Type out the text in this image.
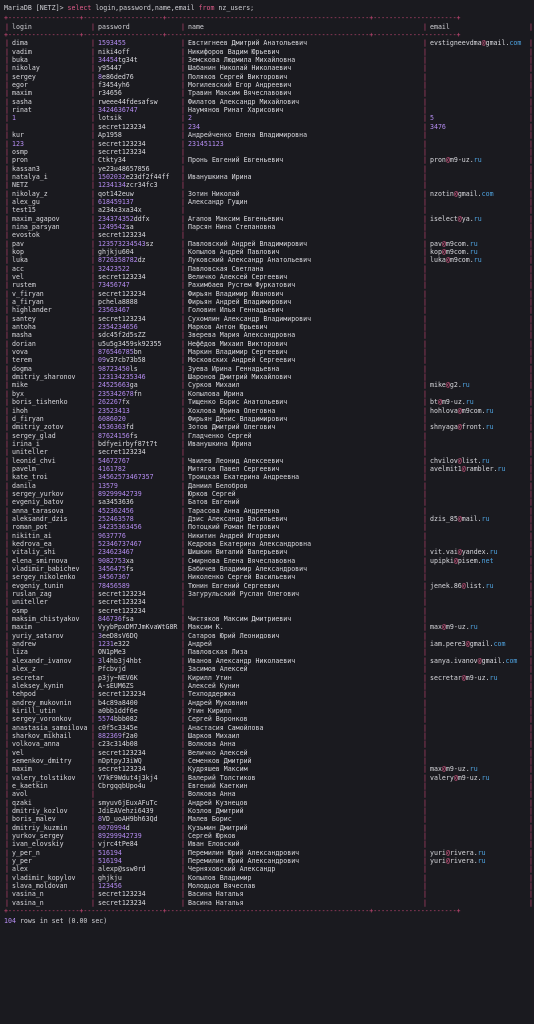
MariaDB [NETZ]> select login,password,name,email from nz_users;
+------------------+--------------------+---------------------------------------------------+---------------------+
| login	| password	| name	| email	|
+------------------+--------------------+---------------------------------------------------+---------------------+
| dima	| 1593455	| Евстигнеев Дмитрий Анатольевич	| evstigneevdma@gmail.com	|
| vadim	| niki4off	| Никифоров Вадим Юрьевич	|	|
| buka	| 34454tg34t	| Земскова Людмила Михайловна	|	|
| nikolay	| y95447	| Шабанин Николай Николаевич	|	|
| sergey	| 8e86ded76	| Поляков Сергей Викторович	|	|
| egor	| f3454yh6	| Могилевский Егор Андреевич	|	|
| maxim	| r34656	| Травин Максим Вячеславович	|	|
| sasha	| rweee44fdesafsw	| Филатов Александр Михайлович	|	|
| rinat	| 3424636747	| Наумянов Ринат Харисович	|	|
| 1	| lotsik	| 2	| 5	|
|	| secret123234	| 234	| 3476	|
| kur	| Ap1958	| Андрейченко Елена Владимировна	|	|
| 123	| secret123234	| 231451123	|	|
| osmp	| secret123234	|	|	|
| pron	| Ctkty34	| Пронь Евгений Евгеньевич	| pron@m9-uz.ru	|
| kassan3	| ye23u48657856	|	|	|
| natalya_i	| 1502032e23df2f44ff	| Иванушкина Ирина	|	|
| NETZ	| 1234134zcr34fc3	|	|	|
| nikolay_z	| qot142euw	| Зотин Николай	| nzotin@gmail.com	|
| alex_gu	| 618459137	| Александр Гущин	|	|
| test15	| a234x3xa34x	|	|	|
| maxim_agapov	| 234374352ddfx	| Агапов Максим Евгеньевич	| iselect@ya.ru	|
| nina_parsyan	| 1249542sa	| Парсян Нина Степановна	|	|
| evostok	| secret123234	|	|	|
| pav	| 123573234543sz	| Павловский Андрей Владимирович	| pav@m9com.ru	|
| kop	| ghjkju604	| Копылов Андрей Павлович	| kop@m9com.ru	|
| luka	| 8726358782dz	| Луковский Александр Анатольевич	| luka@m9com.ru	|
| acc	| 32423522	| Павловская Светлана	|	|
| vel	| secret123234	| Величко Алексей Сергеевич	|	|
| rustem	| 73456747	| Рахимбаев Рустем Фуркатович	|	|
| v_firyan	| secret123234	| Фирьян Владимир Иванович	|	|
| a_firyan	| pchela8888	| Фирьян Андрей Владимирович	|	|
| highlander	| 23563467	| Головин Илья Геннадьевич	|	|
| santey	| secret123234	| Сухомлин Александр Владимирович	|	|
| antoha	| 2354234656	| Марков Антон Юрьевич	|	|
| masha	| sdc45f2d5sZZ	| Зверева Мария Александровна	|	|
| dorian	| u5u5g3459sk92355	| Нефёдов Михаил Викторович	|	|
| vova	| 876546785bn	| Маркин Владимир Сергеевич	|	|
| terem	| 09v37cb73b58	| Московских Андрей Сергеевич	|	|
| dogma	| 98723450ls	| Зуева Ирина Геннадьевна	|	|
| dmitriy_sharonov	| 123134235346	| Шаронов Дмитрий Михайлович	|	|
| mike	| 24525663ga	| Сурков Михаил	| mike@g2.ru	|
| byx	| 235342678fn	| Копылова Ирина	|	|
| boris_tishenko	| 262267fx	| Тищенко Борис Анатольевич	| bt@m9-uz.ru	|
| ihoh	| 23523413	| Хохлова Ирина Олеговна	| hohlova@m9com.ru	|
| d_firyan	| 6086020	| Фирьян Денис Владимирович	|	|
| dmitriy_zotov	| 4536363fd	| Зотов Дмитрий Олегович	| shnyaga@front.ru	|
| sergey_glad	| 87624156fs	| Гладченко Сергей	|	|
| irina_i	| bdfyeirbyf87t7t	| Иванушкина Ирина	|	|
| uniteller	| secret123234	|	|	|
| leonid_chvi	| 54672767	| Чвилев Леонид Алексеевич	| chvilov@list.ru	|
| pavelm	| 4161782	| Митягов Павел Сергеевич	| avelmit1@rambler.ru	|
| kate_troi	| 34562573467357	| Троицкая Екатерина Андреевна	|	|
| danila	| 13579	| Даниил Белобров	|	|
| sergey_yurkov	| 89299942739	| Юрков Сергей	|	|
| evgeniy_batov	| sa3453636	| Батов Евгений	|	|
| anna_tarasova	| 452362456	| Тарасова Анна Андреевна	|	|
| aleksandr_dzis	| 252463578	| Дзис Александр Васильевич	| dzis_85@mail.ru	|
| roman_pot	| 34235363456	| Потоцкий Роман Петрович	|	|
| nikitin_ai	| 9637776	| Никитин Андрей Игоревич	|	|
| kedrova_ea	| 52346737467	| Кедрова Екатерина Александровна	|	|
| vitaliy_shi	| 234623467	| Шишкин Виталий Валерьевич	| vit.vai@yandex.ru	|
| elena_smirnova	| 9082753xa	| Смирнова Елена Вячеславовна	| upipki@pisem.net	|
| vladimir_babichev	| 3456475fs	| Бабичев Владимир Александрович	|	|
| sergey_nikolenko	| 34567367	| Николенко Сергей Васильевич	|	|
| evgeniy_tunin	| 78456589	| Тюнин Евгений Сергеевич	| jenek.86@list.ru	|
| ruslan_zag	| secret123234	| Загурульский Руслан Олегович	|	|
| uniteller	| secret123234	|	|	|
| osmp	| secret123234	|	|	|
| maksim_chistyakov	| 846736fsa	| Чистяков Максим Дмитриевич	|	|
| maxim	| VyybPpxDM7JmKvaWtG8R | Максим К.	| max@m9-uz.ru	|
| yuriy_satarov	| 3eeD8sV6DQ	| Сатаров Юрий Леонидович	|	|
| andrew	| 1231e322	| Андрей	| iam.pere3@gmail.com	|
| liza	| ON1pMe3	| Павловская Лиза	|	|
| alexandr_ivanov	| 3l4hb3j4hbt	| Иванов Александр Николаевич	| sanya.ivanov@gmail.com	|
| alex_z	| Pfcbvjd	| Засимов Алексей	|	|
| secretar	| p3jy~NEV6K	| Кирилл Утин	| secretar@m9-uz.ru	|
| aleksey_kynin	| A-sEUM6ZS	| Алексей Кунин	|	|
| tehpod	| secret123234	| Техподдержка	|	|
| andrey_mukovnin	| b4c89a8400	| Андрей Муковнин	|	|
| kirill_utin	| a0bb1ddf6e	| Утин Кирилл	|	|
| sergey_voronkov	| 5574bbb082	| Сергей Воронков	|	|
| anastasia_samoilova | c0f5c3345e	| Анастасия Самойлова	|	|
| sharkov_mikhail	| 882369f2a0	| Шарков Михаил	|	|
| volkova_anna	| c23c314b08	| Волкова Анна	|	|
| vel	| secret123234	| Величко Алексей	|	|
| semenkov_dmitry	| nDptpyJ3iWQ	| Семенков Дмитрий	|	|
| maxim	| secret123234	| Кудряшев Максим	| max@m9-uz.ru	|
| valery_tolstikov	| V7kF9Wdut4j3kj4	| Валерий Толстиков	| valery@m9-uz.ru	|
| e_kaetkin	| CbrgqqbUpo4u	| Евгений Каеткин	|	|
| avol	|	| Волкова Анна	|	|
| qzaki	| smyuv6jEuxAFuTc	| Андрей Кузнецов	|	|
| dmitriy_kozlov	| JdiEAVehzi6439	| Козлов Дмитрий	|	|
| boris_malev	| 8VD_uoAH9bh63Qd	| Малев Борис	|	|
| dmitriy_kuzmin	| 0070994d	| Кузьмин Дмитрий	|	|
| yurkov_sergey	| 89299942739	| Сергей Юрков	|	|
| ivan_elovskiy	| vjrc4tPe84	| Иван Еловский	|	|
| y_per_n	| 516194	| Перемилин Юрий Александрович	| yuri@rivera.ru	|
| y_per	| 516194	| Перемилин Юрий Александрович	| yuri@rivera.ru	|
| alex	| alexp@ssw0rd	| Черняховский Александр	|	|
| vladimir_kopylov	| ghjkju	| Копылов Владимир	|	|
| slava_moldovan	| 123456	| Молодцов Вячеслав	|	|
| vasina_n	| secret123234	| Васина Наталья	|	|
| vasina_n	| secret123234	| Васина Наталья	|	|
+------------------+--------------------+---------------------------------------------------+---------------------+
104 rows in set (0.00 sec)
